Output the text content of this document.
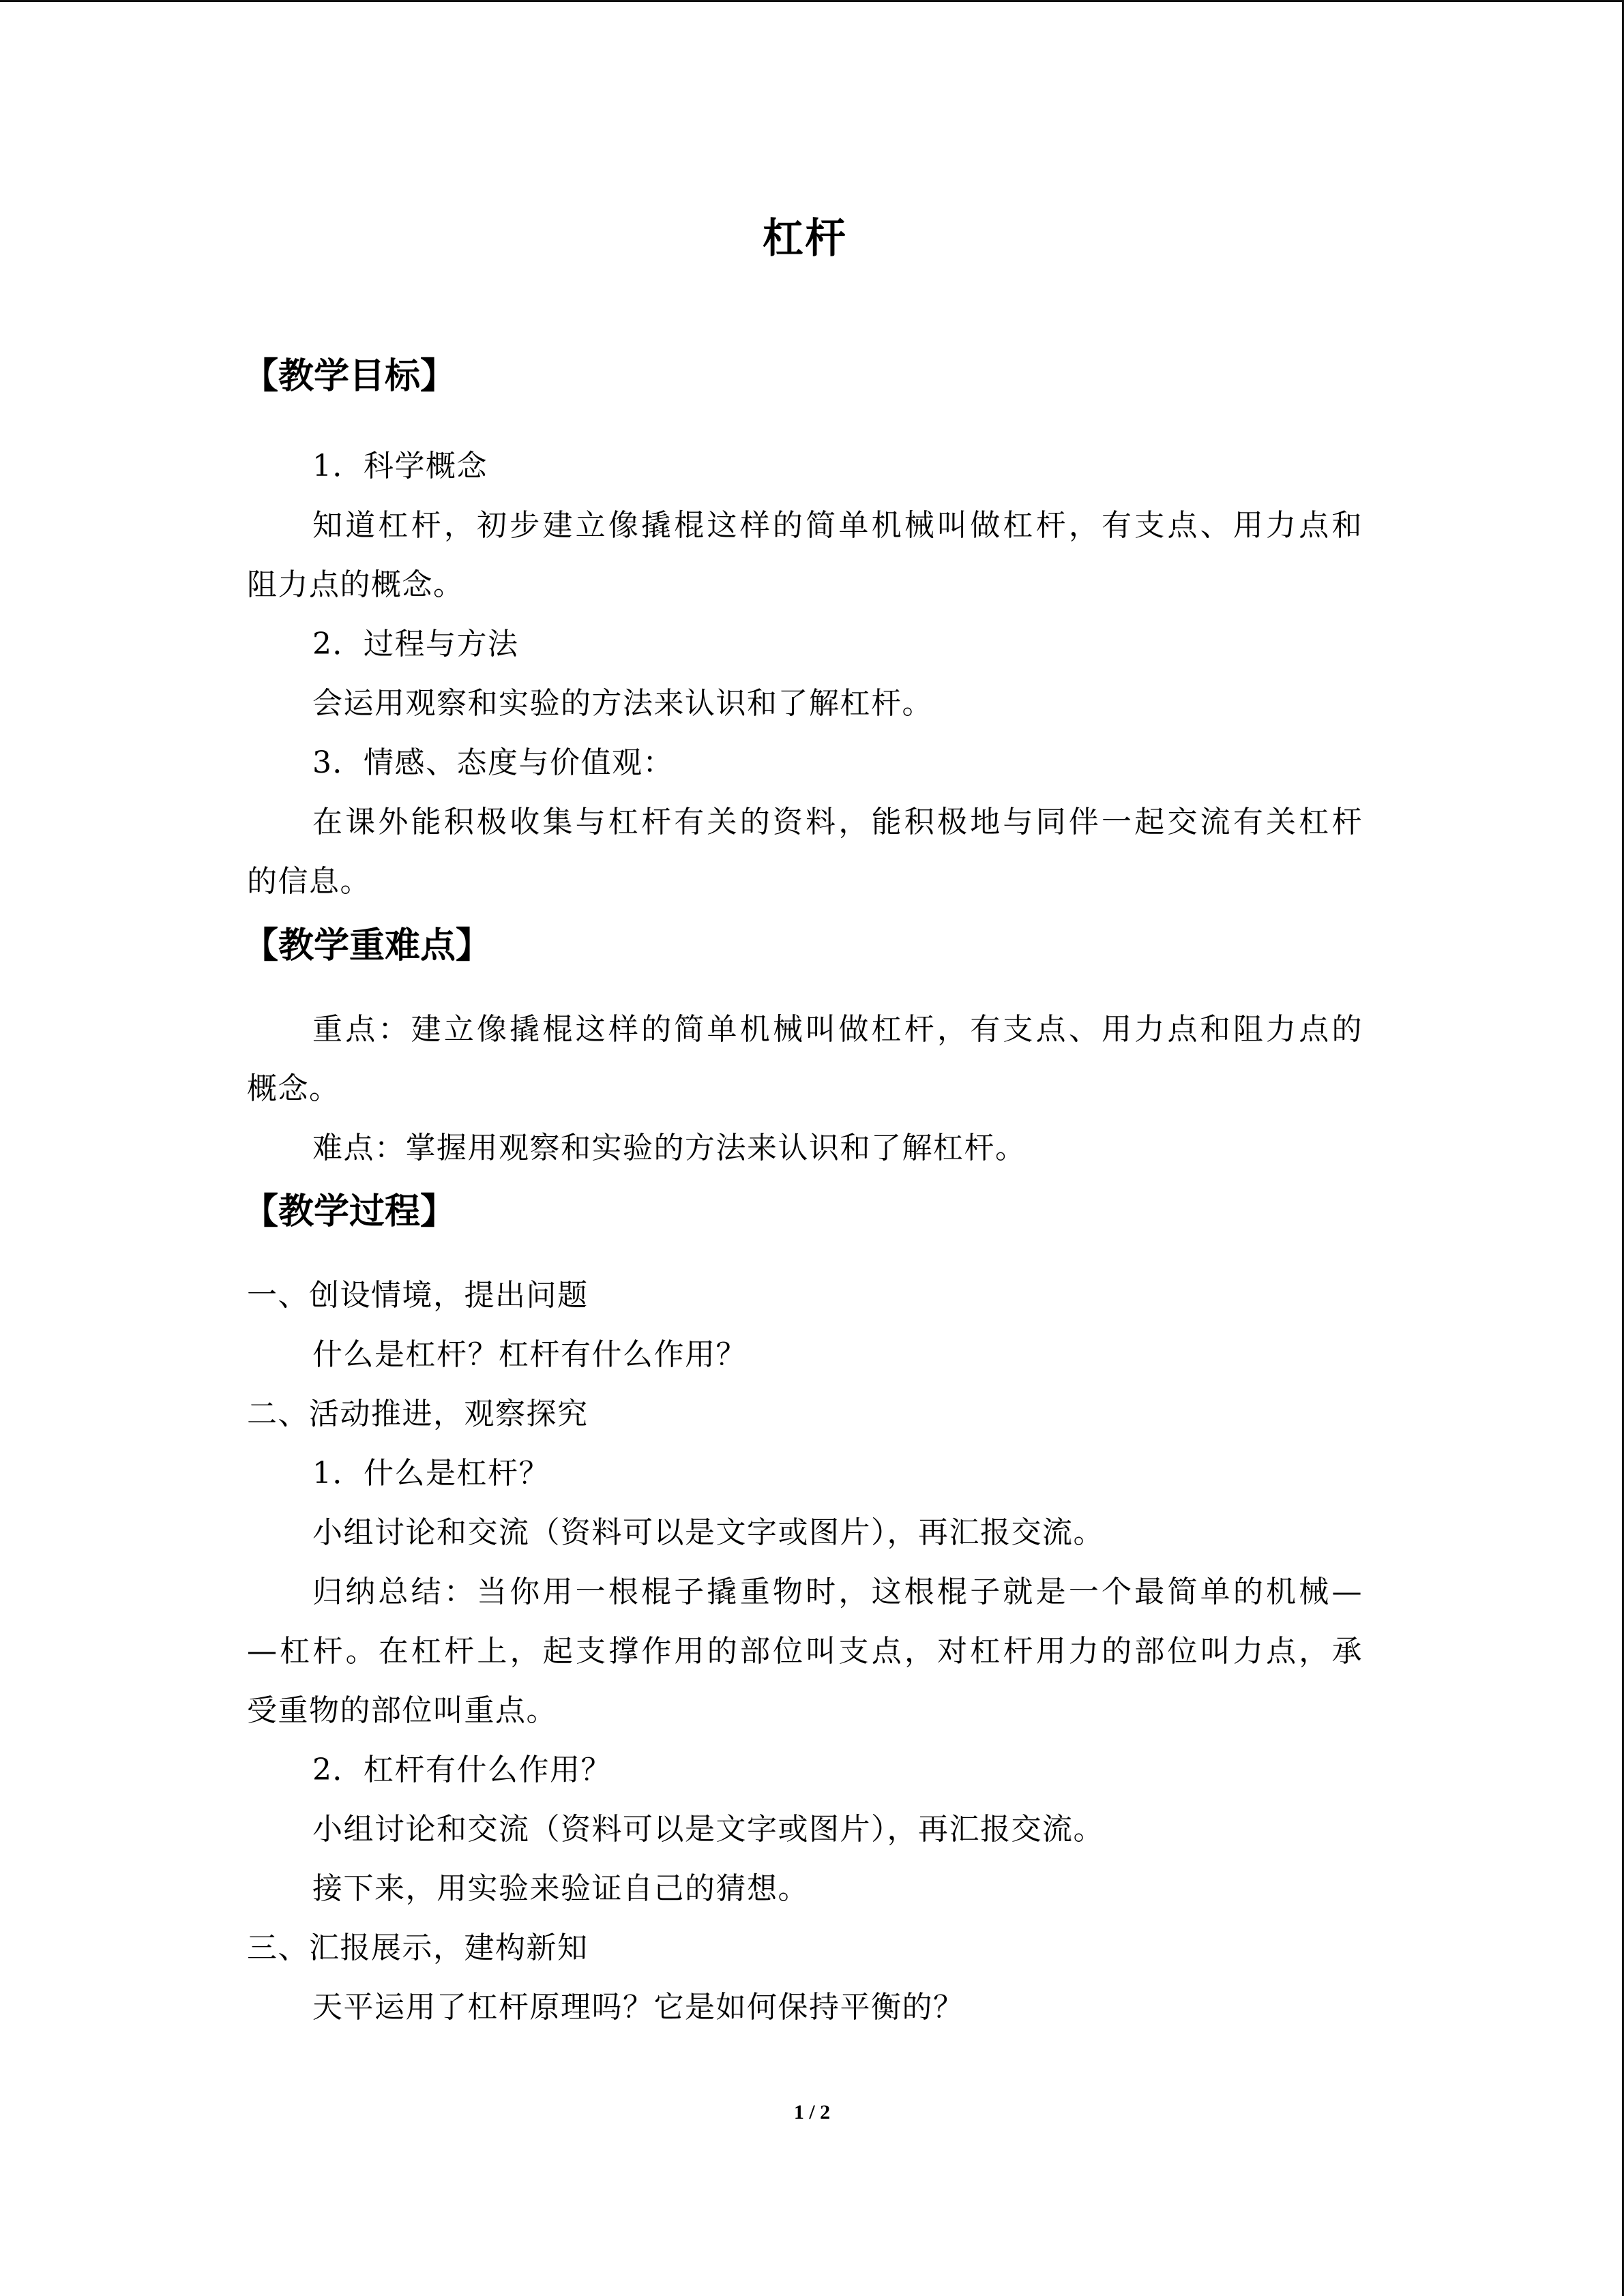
杠杆
【教学目标】
1．科学概念
知道杠杆，初步建立像撬棍这样的简单机械叫做杠杆，有支点、用力点和
阻力点的概念。
2．过程与方法
会运用观察和实验的方法来认识和了解杠杆。
3．情感、态度与价值观：
在课外能积极收集与杠杆有关的资料，能积极地与同伴一起交流有关杠杆
的信息。
【教学重难点】
重点：建立像撬棍这样的简单机械叫做杠杆，有支点、用力点和阻力点的
概念。
难点：掌握用观察和实验的方法来认识和了解杠杆。
【教学过程】
一、创设情境，提出问题
什么是杠杆？杠杆有什么作用？
二、活动推进，观察探究
1．什么是杠杆？
小组讨论和交流（资料可以是文字或图片），再汇报交流。
归纳总结：当你用一根棍子撬重物时，这根棍子就是一个最简单的机械—
—杠杆。在杠杆上，起支撑作用的部位叫支点，对杠杆用力的部位叫力点，承
受重物的部位叫重点。
2．杠杆有什么作用？
小组讨论和交流（资料可以是文字或图片），再汇报交流。
接下来，用实验来验证自己的猜想。
三、汇报展示，建构新知
天平运用了杠杆原理吗？它是如何保持平衡的？
1 / 2
